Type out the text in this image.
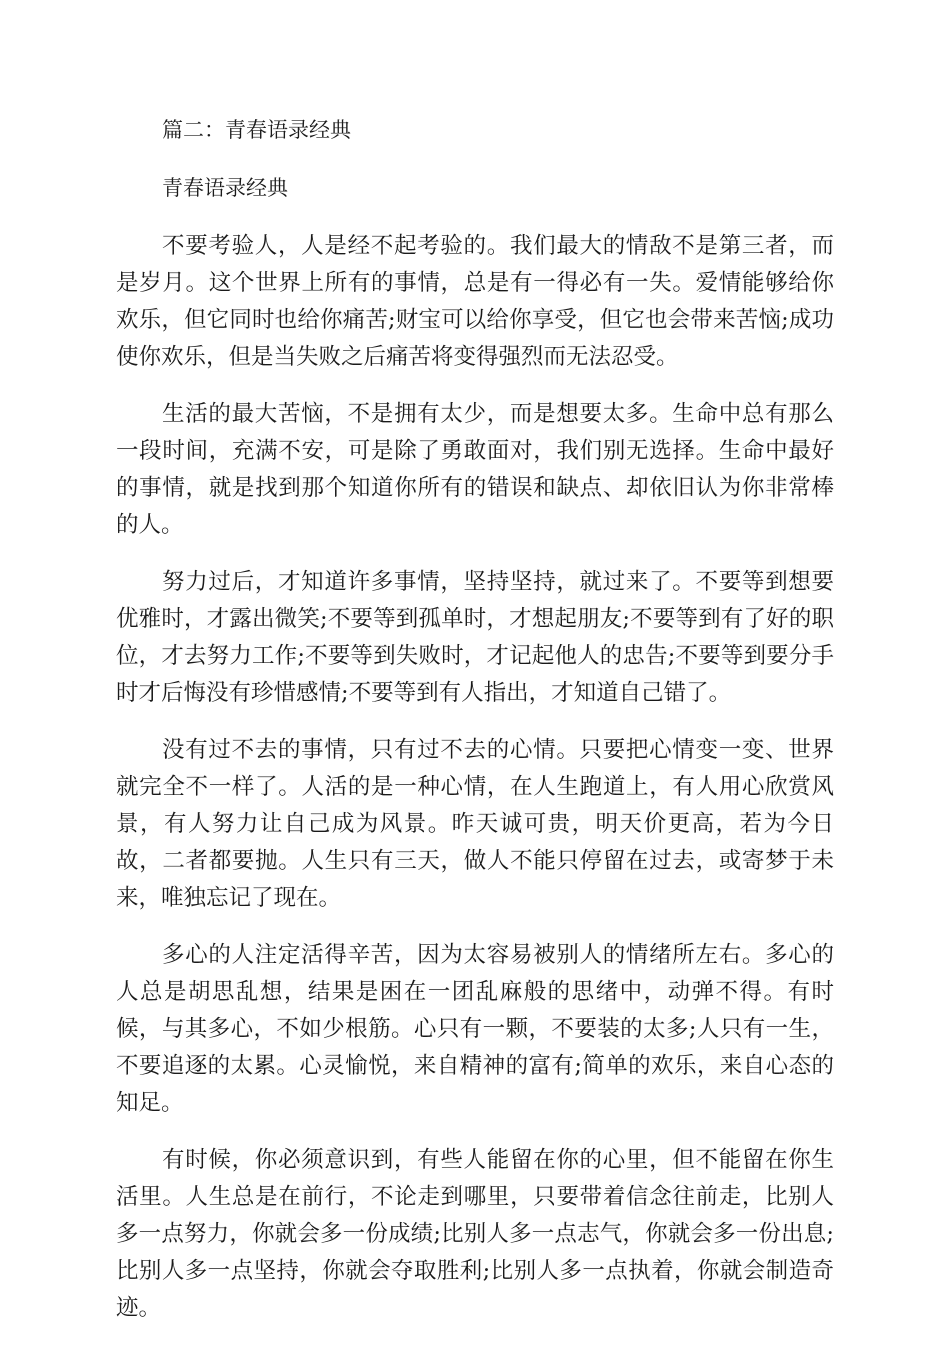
篇二：青春语录经典
青春语录经典

不要考验人，人是经不起考验的。我们最大的情敌不是第三者，而是岁月。这个世界上所有的事情，总是有一得必有一失。爱情能够给你欢乐，但它同时也给你痛苦;财宝可以给你享受，但它也会带来苦恼;成功使你欢乐，但是当失败之后痛苦将变得强烈而无法忍受。

生活的最大苦恼，不是拥有太少，而是想要太多。生命中总有那么一段时间，充满不安，可是除了勇敢面对，我们别无选择。生命中最好的事情，就是找到那个知道你所有的错误和缺点、却依旧认为你非常棒的人。

努力过后，才知道许多事情，坚持坚持，就过来了。不要等到想要优雅时，才露出微笑;不要等到孤单时，才想起朋友;不要等到有了好的职位，才去努力工作;不要等到失败时，才记起他人的忠告;不要等到要分手时才后悔没有珍惜感情;不要等到有人指出，才知道自己错了。

没有过不去的事情，只有过不去的心情。只要把心情变一变、世界就完全不一样了。人活的是一种心情，在人生跑道上，有人用心欣赏风景，有人努力让自己成为风景。昨天诚可贵，明天价更高，若为今日故，二者都要抛。人生只有三天，做人不能只停留在过去，或寄梦于未来，唯独忘记了现在。

多心的人注定活得辛苦，因为太容易被别人的情绪所左右。多心的人总是胡思乱想，结果是困在一团乱麻般的思绪中，动弹不得。有时候，与其多心，不如少根筋。心只有一颗，不要装的太多;人只有一生，不要追逐的太累。心灵愉悦，来自精神的富有;简单的欢乐，来自心态的知足。

有时候，你必须意识到，有些人能留在你的心里，但不能留在你生活里。人生总是在前行，不论走到哪里，只要带着信念往前走，比别人多一点努力，你就会多一份成绩;比别人多一点志气，你就会多一份出息;比别人多一点坚持，你就会夺取胜利;比别人多一点执着，你就会制造奇迹。
